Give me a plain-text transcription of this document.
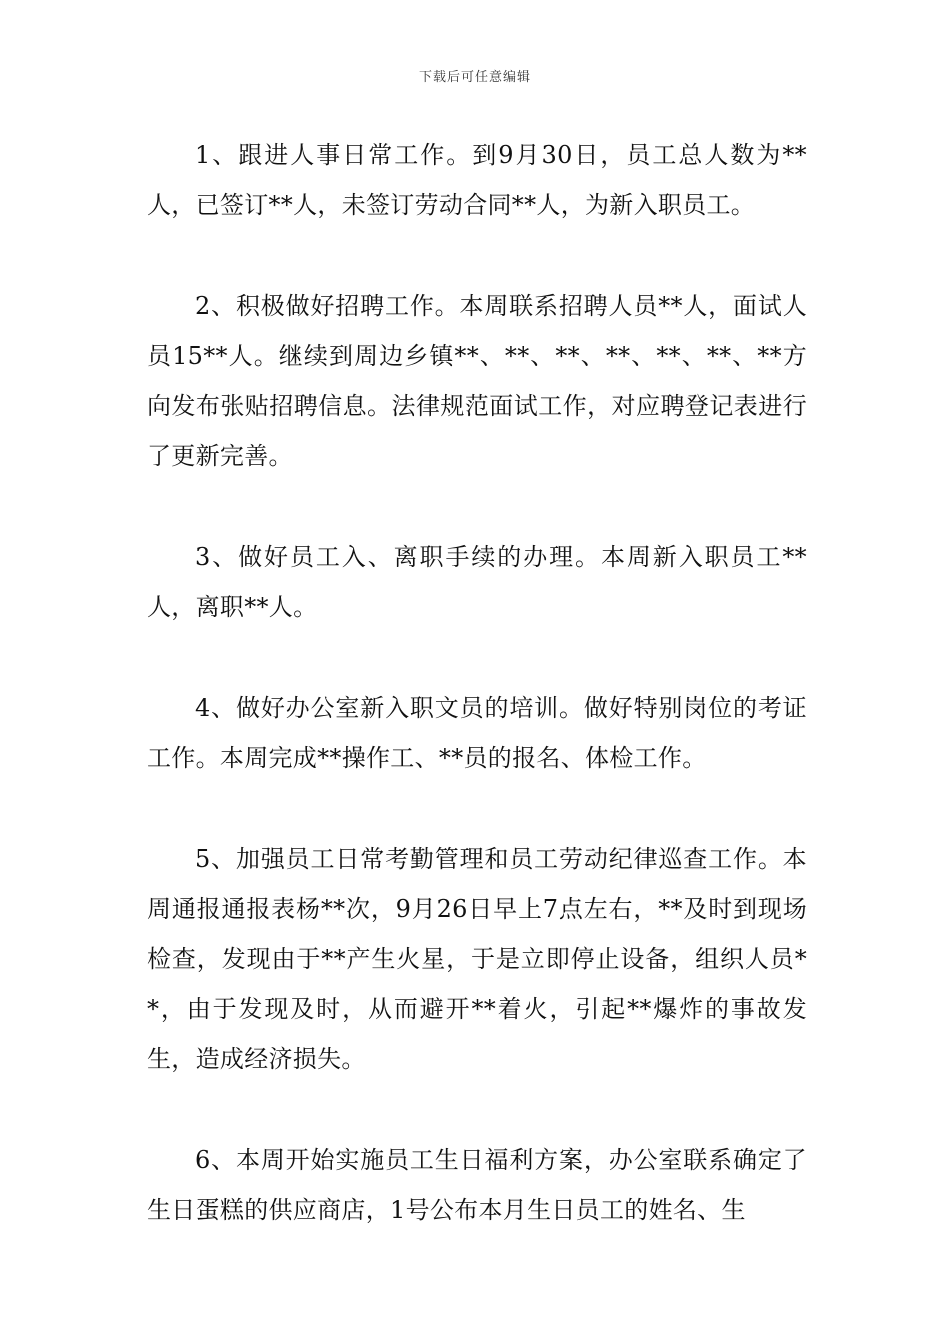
下载后可任意编辑

1、跟进人事日常工作。到9月30日，员工总人数为**人，已签订**人，未签订劳动合同**人，为新入职员工。

2、积极做好招聘工作。本周联系招聘人员**人，面试人员15**人。继续到周边乡镇**、**、**、**、**、**、**方向发布张贴招聘信息。法律规范面试工作，对应聘登记表进行了更新完善。

3、做好员工入、离职手续的办理。本周新入职员工**人，离职**人。

4、做好办公室新入职文员的培训。做好特别岗位的考证工作。本周完成**操作工、**员的报名、体检工作。

5、加强员工日常考勤管理和员工劳动纪律巡查工作。本周通报通报表杨**次，9月26日早上7点左右，**及时到现场检查，发现由于**产生火星，于是立即停止设备，组织人员**，由于发现及时，从而避开**着火，引起**爆炸的事故发生，造成经济损失。

6、本周开始实施员工生日福利方案，办公室联系确定了生日蛋糕的供应商店，1号公布本月生日员工的姓名、生
